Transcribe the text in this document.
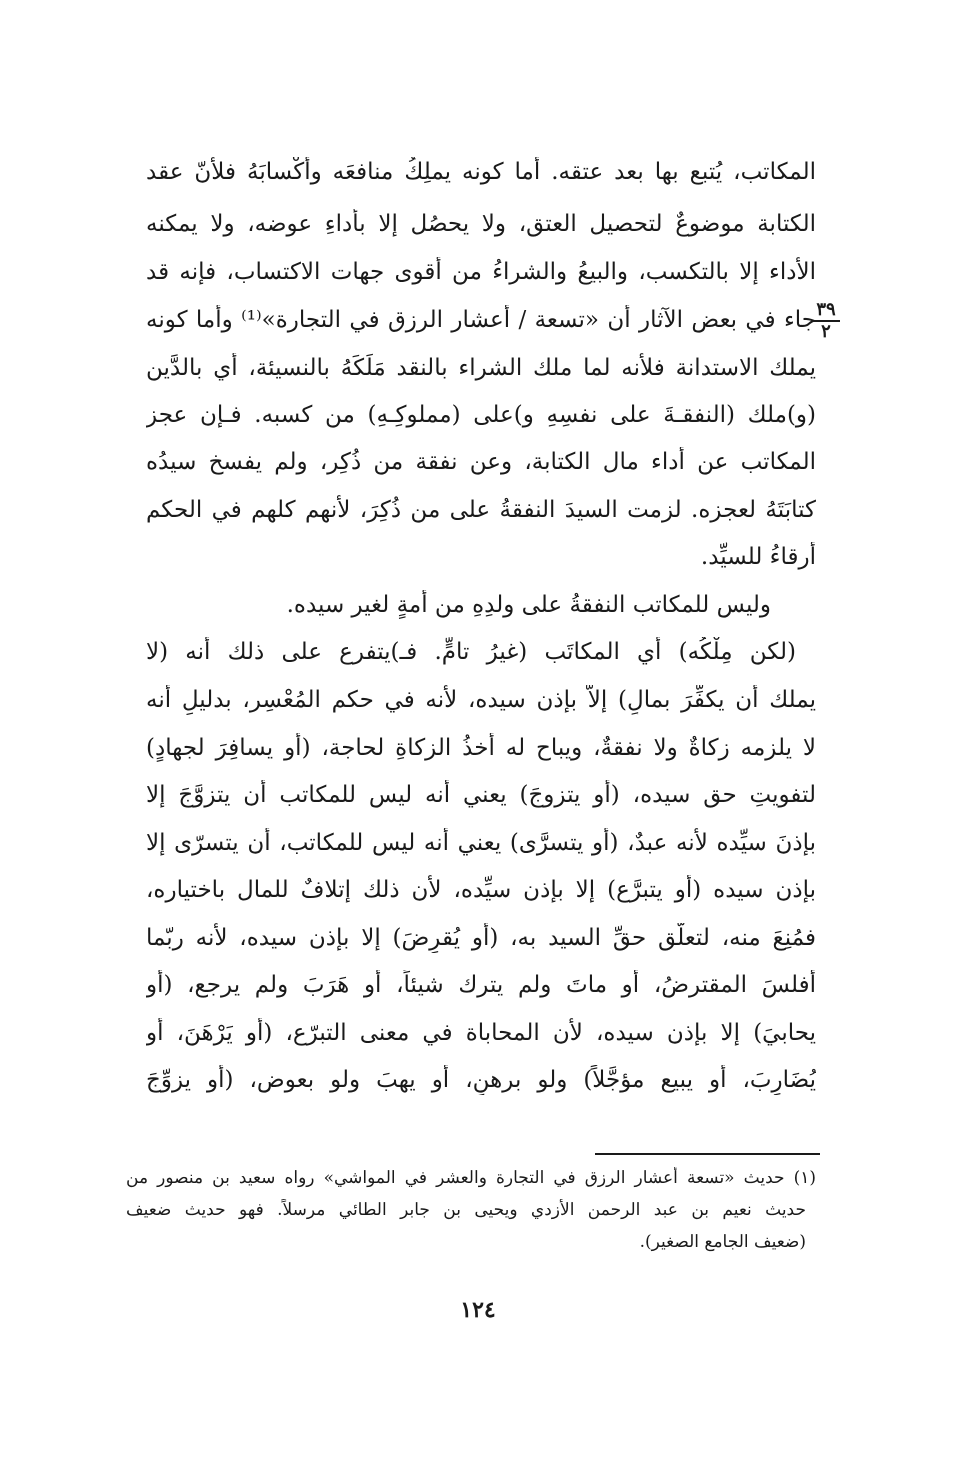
المكاتب، يُتبع بها بعد عتقه. أما كونه يملِكُ منافعَه وأكْسابَهُ فلأنّ عقد
الكتابة موضوعٌ لتحصيل العتق، ولا يحصُل إلا بأداءِ عوضه، ولا يمكنه
الأداء إلا بالتكسب، والبيعُ والشراءُ من أقوى جهات الاكتساب، فإنه قد
جاء في بعض الآثار أن «تسعة / أعشار الرزق في التجارة»⁽¹⁾ وأما كونه
يملك الاستدانة فلأنه لما ملك الشراء بالنقد مَلَكَهُ بالنسيئة، أي بالدَّين
(و)ملك (النفقـةَ على نفسِهِ و)على (مملوكِـهِ) من كسبه. فـإن عجز
المكاتب عن أداء مال الكتابة، وعن نفقة من ذُكِر، ولم يفسخ سيدُه
كتابَتَهُ لعجزه. لزمت السيدَ النفقةُ على من ذُكِرَ، لأنهم كلهم في الحكم
أرقاءُ للسيِّد.
وليس للمكاتب النفقةُ على ولدِهِ من أمةٍ لغير سيده.
(لكن مِلْكُه) أي المكاتَب (غيرُ تامٍّ. فـ)يتفرع على ذلك أنه (لا
يملك أن يكفِّرَ بمالٍ) إلاّ بإذن سيده، لأنه في حكم المُعْسِر، بدليلِ أنه
لا يلزمه زكاةٌ ولا نفقةٌ، ويباح له أخذُ الزكاةِ لحاجة، (أو يسافِرَ لجهادٍ)
لتفويتِ حق سيده، (أو يتزوجَ) يعني أنه ليس للمكاتب أن يتزوَّجَ إلا
بإذنَ سيِّده لأنه عبدٌ، (أو يتسرَّى) يعني أنه ليس للمكاتب، أن يتسرّى إلا
بإذن سيده (أو يتبرَّع) إلا بإذن سيِّده، لأن ذلك إتلافٌ للمال باختياره،
فمُنِعَ منه، لتعلُّق حقِّ السيد به، (أو يُقرِضَ) إلا بإذن سيده، لأنه ربّما
أفلسَ المقترضُ، أو ماتَ ولم يترك شيئاً، أو هَرَبَ ولم يرجع، (أو
يحابيَ) إلا بإذن سيده، لأن المحاباة في معنى التبرّع، (أو يَرْهَنَ، أو
يُضَارِبَ، أو يبيع مؤجَّلاً) ولو برهنٍ، أو يهبَ ولو بعوضٍ، (أو يزوِّجَ
٣٩
٢
(١) حديث «تسعة أعشار الرزق في التجارة والعشر في المواشي» رواه سعيد بن منصور من
حديث نعيم بن عبد الرحمن الأزدي ويحيى بن جابر الطائي مرسلاً. فهو حديث ضعيف
(ضعيف الجامع الصغير).
١٢٤
